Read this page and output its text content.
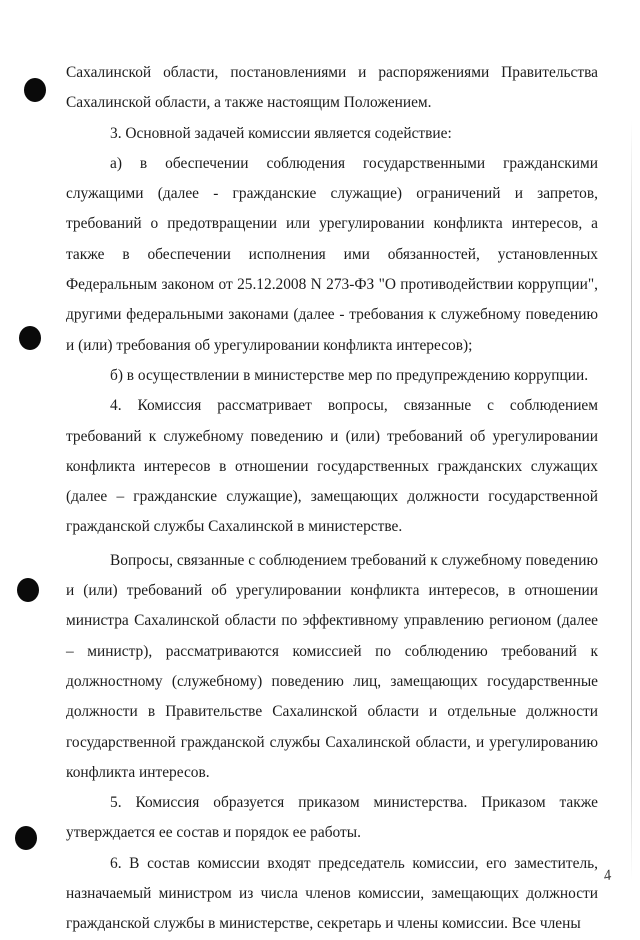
Сахалинской области, постановлениями и распоряжениями Правительства Сахалинской области, а также настоящим Положением.

3. Основной задачей комиссии является содействие:

а) в обеспечении соблюдения государственными гражданскими служащими (далее - гражданские служащие) ограничений и запретов, требований о предотвращении или урегулировании конфликта интересов, а также в обеспечении исполнения ими обязанностей, установленных Федеральным законом от 25.12.2008 N 273-ФЗ "О противодействии коррупции", другими федеральными законами (далее - требования к служебному поведению и (или) требования об урегулировании конфликта интересов);

б) в осуществлении в министерстве мер по предупреждению коррупции.

4. Комиссия рассматривает вопросы, связанные с соблюдением требований к служебному поведению и (или) требований об урегулировании конфликта интересов в отношении государственных гражданских служащих (далее – гражданские служащие), замещающих должности государственной гражданской службы Сахалинской в министерстве.

Вопросы, связанные с соблюдением требований к служебному поведению и (или) требований об урегулировании конфликта интересов, в отношении министра Сахалинской области по эффективному управлению регионом (далее – министр), рассматриваются комиссией по соблюдению требований к должностному (служебному) поведению лиц, замещающих государственные должности в Правительстве Сахалинской области и отдельные должности государственной гражданской службы Сахалинской области, и урегулированию конфликта интересов.

5. Комиссия образуется приказом министерства. Приказом также утверждается ее состав и порядок ее работы.

6. В состав комиссии входят председатель комиссии, его заместитель, назначаемый министром из числа членов комиссии, замещающих должности гражданской службы в министерстве, секретарь и члены комиссии. Все члены

4
